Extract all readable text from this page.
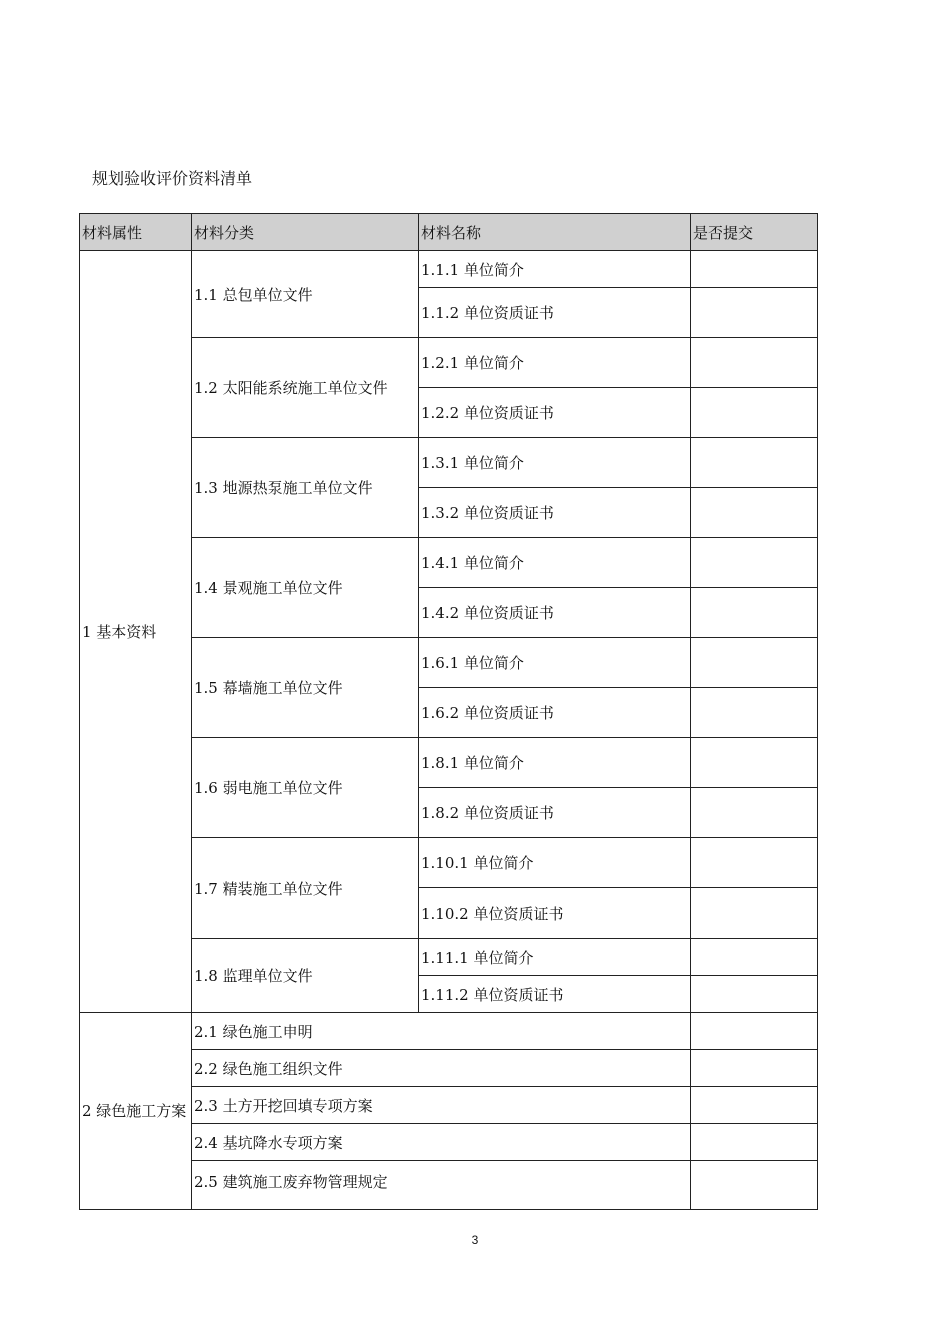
规划验收评价资料清单
材料属性	材料分类	材料名称	是否提交
1 基本资料	1.1 总包单位文件	1.1.1 单位简介	
		1.1.2 单位资质证书	
	1.2 太阳能系统施工单位文件	1.2.1 单位简介	
		1.2.2 单位资质证书	
	1.3 地源热泵施工单位文件	1.3.1 单位简介	
		1.3.2 单位资质证书	
	1.4 景观施工单位文件	1.4.1 单位简介	
		1.4.2 单位资质证书	
	1.5 幕墙施工单位文件	1.6.1 单位简介	
		1.6.2 单位资质证书	
	1.6 弱电施工单位文件	1.8.1 单位简介	
		1.8.2 单位资质证书	
	1.7 精装施工单位文件	1.10.1 单位简介	
		1.10.2 单位资质证书	
	1.8 监理单位文件	1.11.1 单位简介	
		1.11.2 单位资质证书	
2 绿色施工方案	2.1 绿色施工申明		
	2.2 绿色施工组织文件		
	2.3 土方开挖回填专项方案		
	2.4 基坑降水专项方案		
	2.5 建筑施工废弃物管理规定		
3
